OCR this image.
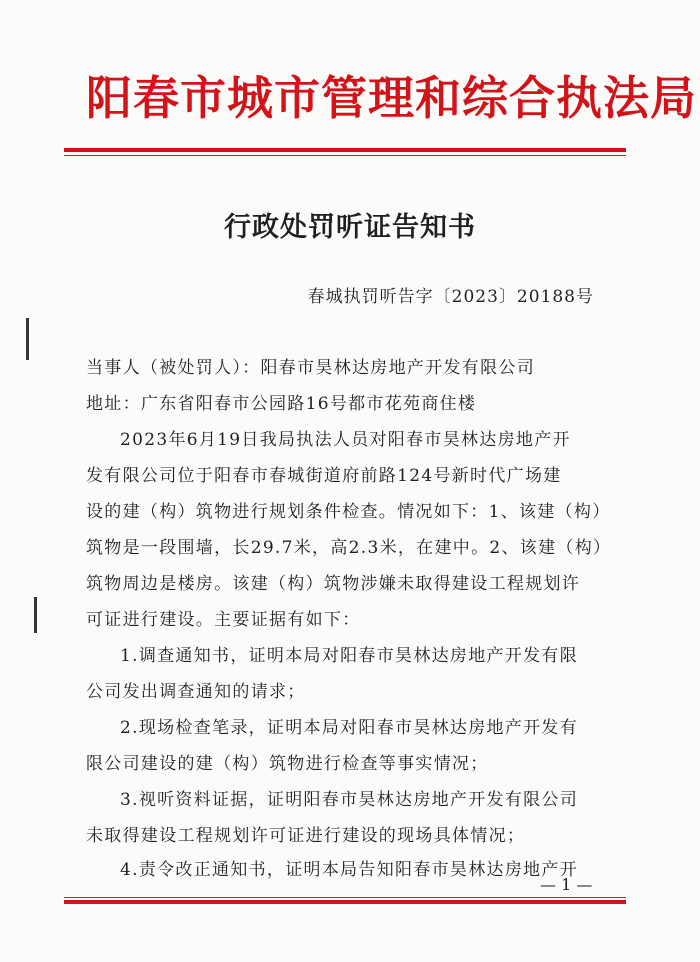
阳春市城市管理和综合执法局
行政处罚听证告知书
春城执罚听告字〔2023〕20188号
当事人（被处罚人）：阳春市昊林达房地产开发有限公司
地址：广东省阳春市公园路16号都市花苑商住楼
2023年6月19日我局执法人员对阳春市昊林达房地产开
发有限公司位于阳春市春城街道府前路124号新时代广场建
设的建（构）筑物进行规划条件检查。情况如下：1、该建（构）
筑物是一段围墙，长29.7米，高2.3米，在建中。2、该建（构）
筑物周边是楼房。该建（构）筑物涉嫌未取得建设工程规划许
可证进行建设。主要证据有如下：
1.调查通知书，证明本局对阳春市昊林达房地产开发有限
公司发出调查通知的请求；
2.现场检查笔录，证明本局对阳春市昊林达房地产开发有
限公司建设的建（构）筑物进行检查等事实情况；
3.视听资料证据，证明阳春市昊林达房地产开发有限公司
未取得建设工程规划许可证进行建设的现场具体情况；
4.责令改正通知书，证明本局告知阳春市昊林达房地产开
— 1 —
